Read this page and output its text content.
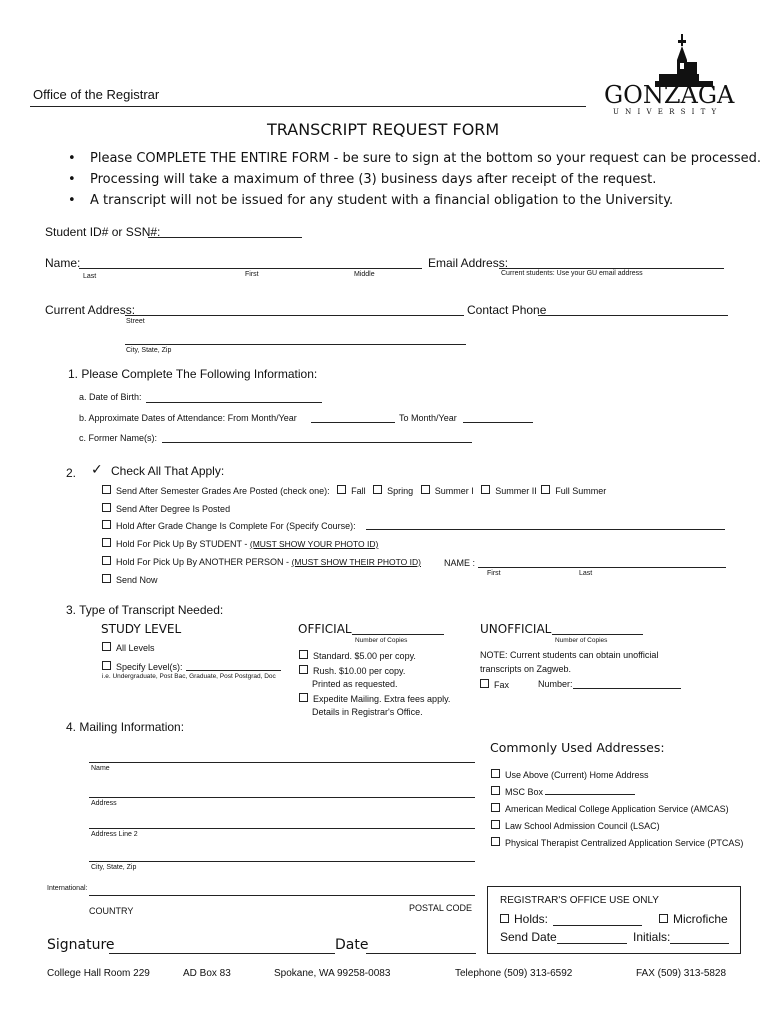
Office of the Registrar	GONZAGA
U N I V E R S I T Y
TRANSCRIPT REQUEST FORM
• Please COMPLETE THE ENTIRE FORM - be sure to sign at the bottom so your request can be processed.
• Processing will take a maximum of three (3) business days after receipt of the request.
• A transcript will not be issued for any student with a financial obligation to the University.
Student ID# or SSN#:
Name:
Last	First	Middle
Email Address:
Current students: Use your GU email address
Current Address:
Street
Contact Phone
City, State, Zip
1. Please Complete The Following Information:
a. Date of Birth:
b. Approximate Dates of Attendance: From Month/Year	To Month/Year
c. Former Name(s):
2. ✓ Check All That Apply:
Send After Semester Grades Are Posted (check one): Fall Spring Summer I Summer II Full Summer
Send After Degree Is Posted
Hold After Grade Change Is Complete For (Specify Course):
Hold For Pick Up By STUDENT - (MUST SHOW YOUR PHOTO ID)
Hold For Pick Up By ANOTHER PERSON - (MUST SHOW THEIR PHOTO ID)	NAME :
First	Last
Send Now
3. Type of Transcript Needed:
STUDY LEVEL
All Levels
Specify Level(s):
i.e. Undergraduate, Post Bac, Graduate, Post Postgrad, Doc
OFFICIAL
Number of Copies
Standard. $5.00 per copy.
Rush. $10.00 per copy.
Printed as requested.
Expedite Mailing. Extra fees apply.
Details in Registrar's Office.
UNOFFICIAL
Number of Copies
NOTE: Current students can obtain unofficial
transcripts on Zagweb.
Fax	Number:
4. Mailing Information:
Name
Address
Address Line 2
City, State, Zip
International:
COUNTRY	POSTAL CODE
Commonly Used Addresses:
Use Above (Current) Home Address
MSC Box
American Medical College Application Service (AMCAS)
Law School Admission Council (LSAC)
Physical Therapist Centralized Application Service (PTCAS)
REGISTRAR'S OFFICE USE ONLY
Holds:	Microfiche
Send Date	Initials:
Signature	Date
College Hall Room 229	AD Box 83	Spokane, WA 99258-0083	Telephone (509) 313-6592	FAX (509) 313-5828
